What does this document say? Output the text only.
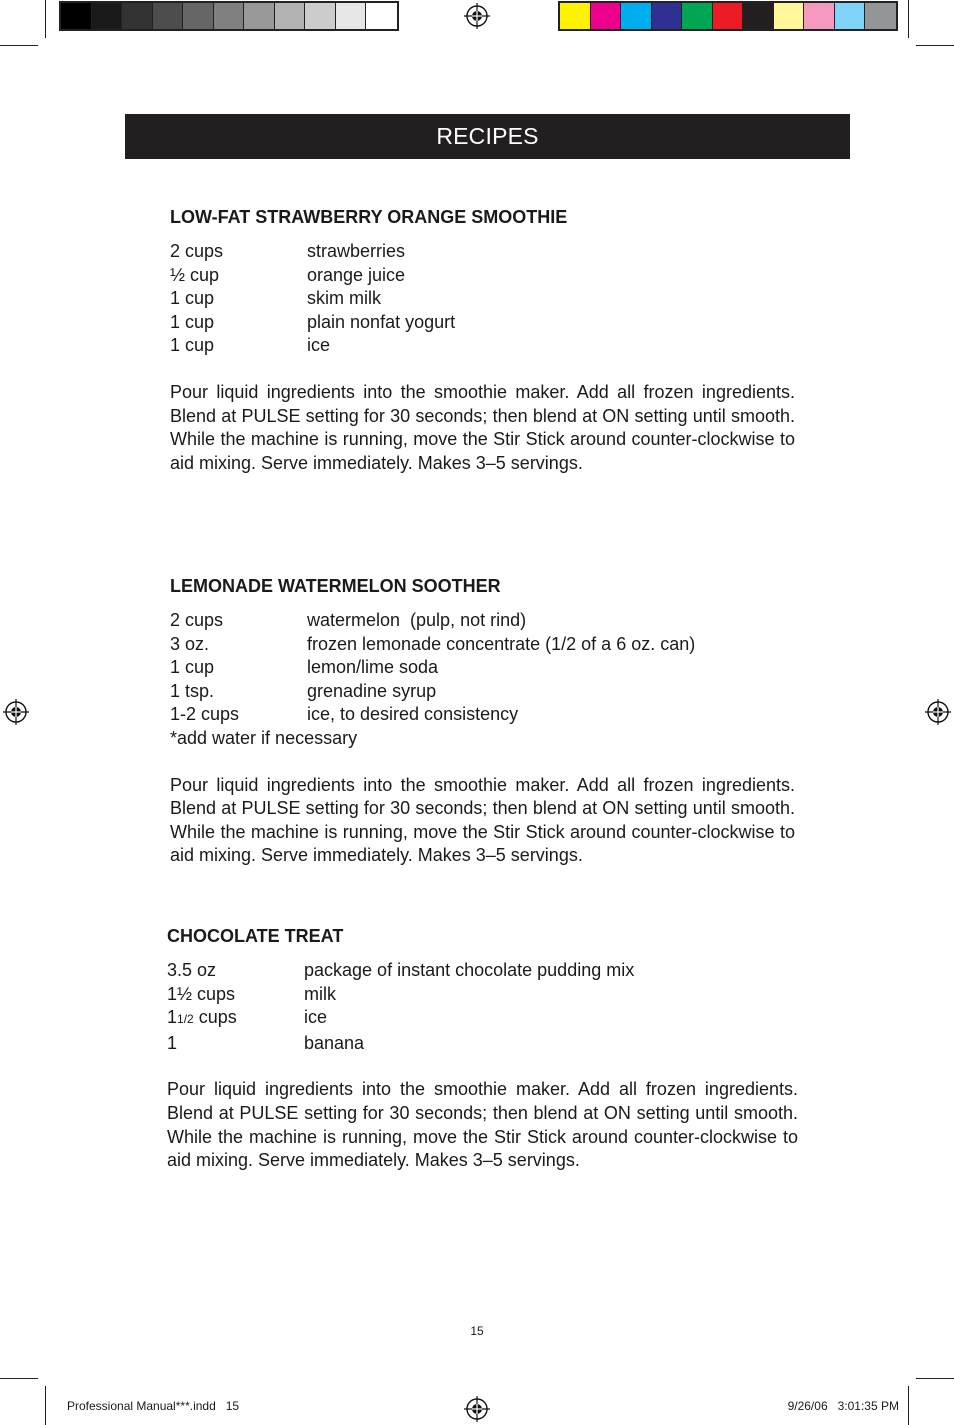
RECIPES
LOW-FAT STRAWBERRY ORANGE SMOOTHIE
2 cups	strawberries
½ cup	orange juice
1 cup	skim milk
1 cup	plain nonfat yogurt
1 cup	ice
Pour liquid ingredients into the smoothie maker. Add all frozen ingredients. Blend at PULSE setting for 30 seconds; then blend at ON setting until smooth. While the machine is running, move the Stir Stick around counter-clockwise to aid mixing. Serve immediately. Makes 3–5 servings.
LEMONADE WATERMELON SOOTHER
2 cups	watermelon  (pulp, not rind)
3 oz.	frozen lemonade concentrate (1/2 of a 6 oz. can)
1 cup	lemon/lime soda
1 tsp.	grenadine syrup
1-2 cups	ice, to desired consistency
*add water if necessary
Pour liquid ingredients into the smoothie maker. Add all frozen ingredients. Blend at PULSE setting for 30 seconds; then blend at ON setting until smooth. While the machine is running, move the Stir Stick around counter-clockwise to aid mixing. Serve immediately. Makes 3–5 servings.
CHOCOLATE TREAT
3.5 oz	package of instant chocolate pudding mix
1½ cups	milk
11/2 cups	ice
1	banana
Pour liquid ingredients into the smoothie maker. Add all frozen ingredients. Blend at PULSE setting for 30 seconds; then blend at ON setting until smooth. While the machine is running, move the Stir Stick around counter-clockwise to aid mixing. Serve immediately. Makes 3–5 servings.
15
Professional Manual***.indd   15	9/26/06   3:01:35 PM
